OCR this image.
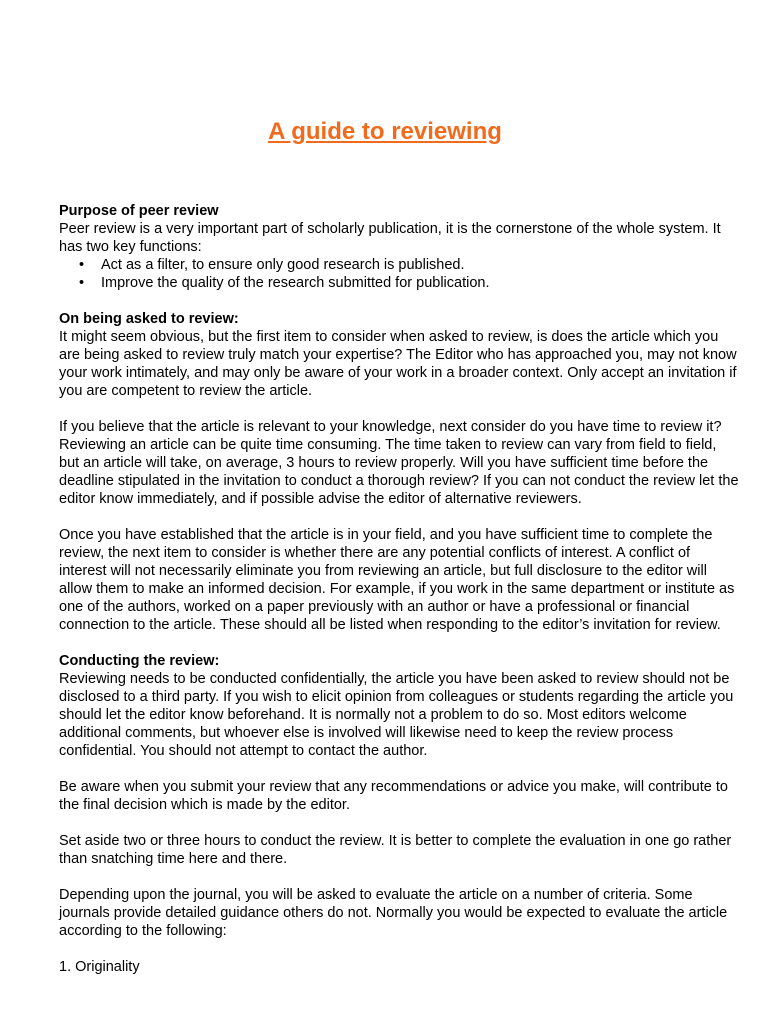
A guide to reviewing

Purpose of peer review

Peer review is a very important part of scholarly publication, it is the cornerstone of the whole system. It has two key functions:

• Act as a filter, to ensure only good research is published.
• Improve the quality of the research submitted for publication.

On being asked to review:

It might seem obvious, but the first item to consider when asked to review, is does the article which you are being asked to review truly match your expertise? The Editor who has approached you, may not know your work intimately, and may only be aware of your work in a broader context. Only accept an invitation if you are competent to review the article.

If you believe that the article is relevant to your knowledge, next consider do you have time to review it? Reviewing an article can be quite time consuming. The time taken to review can vary from field to field, but an article will take, on average, 3 hours to review properly. Will you have sufficient time before the deadline stipulated in the invitation to conduct a thorough review? If you can not conduct the review let the editor know immediately, and if possible advise the editor of alternative reviewers.

Once you have established that the article is in your field, and you have sufficient time to complete the review, the next item to consider is whether there are any potential conflicts of interest. A conflict of interest will not necessarily eliminate you from reviewing an article, but full disclosure to the editor will allow them to make an informed decision. For example, if you work in the same department or institute as one of the authors, worked on a paper previously with an author or have a professional or financial connection to the article. These should all be listed when responding to the editor’s invitation for review.

Conducting the review:

Reviewing needs to be conducted confidentially, the article you have been asked to review should not be disclosed to a third party. If you wish to elicit opinion from colleagues or students regarding the article you should let the editor know beforehand. It is normally not a problem to do so. Most editors welcome additional comments, but whoever else is involved will likewise need to keep the review process confidential. You should not attempt to contact the author.

Be aware when you submit your review that any recommendations or advice you make, will contribute to the final decision which is made by the editor.

Set aside two or three hours to conduct the review. It is better to complete the evaluation in one go rather than snatching time here and there.

Depending upon the journal, you will be asked to evaluate the article on a number of criteria. Some journals provide detailed guidance others do not. Normally you would be expected to evaluate the article according to the following:

1. Originality
